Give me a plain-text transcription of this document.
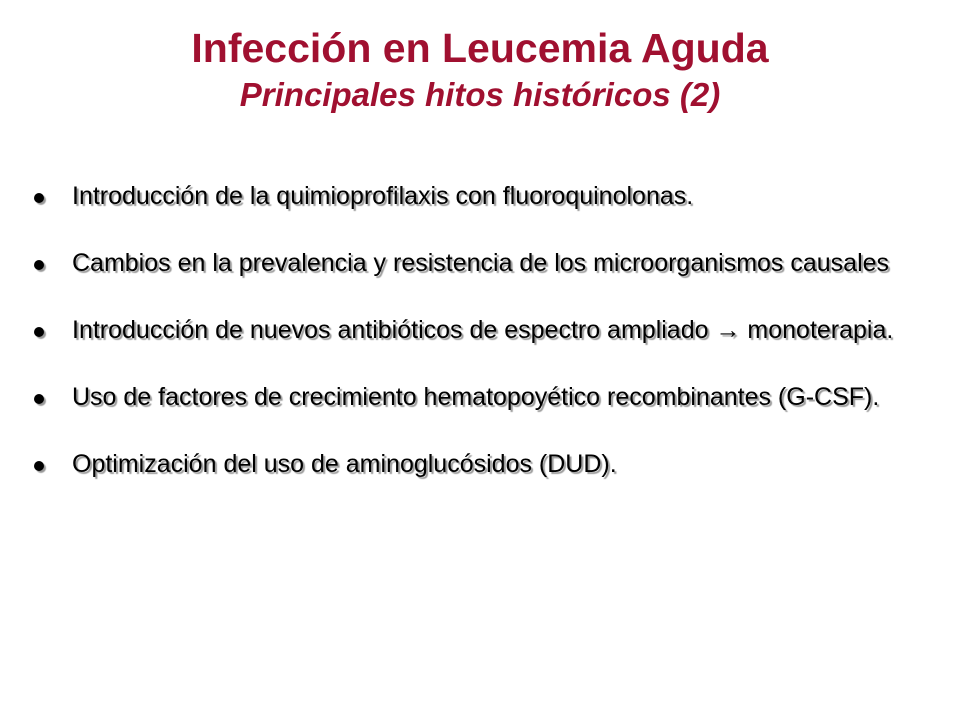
Infección en Leucemia Aguda
Principales hitos históricos (2)
Introducción de la quimioprofilaxis con fluoroquinolonas.
Cambios en la prevalencia y resistencia de los microorganismos causales
Introducción de nuevos antibióticos de espectro ampliado → monoterapia.
Uso de factores de crecimiento hematopoyético recombinantes (G-CSF).
Optimización del uso de aminoglucósidos (DUD).
